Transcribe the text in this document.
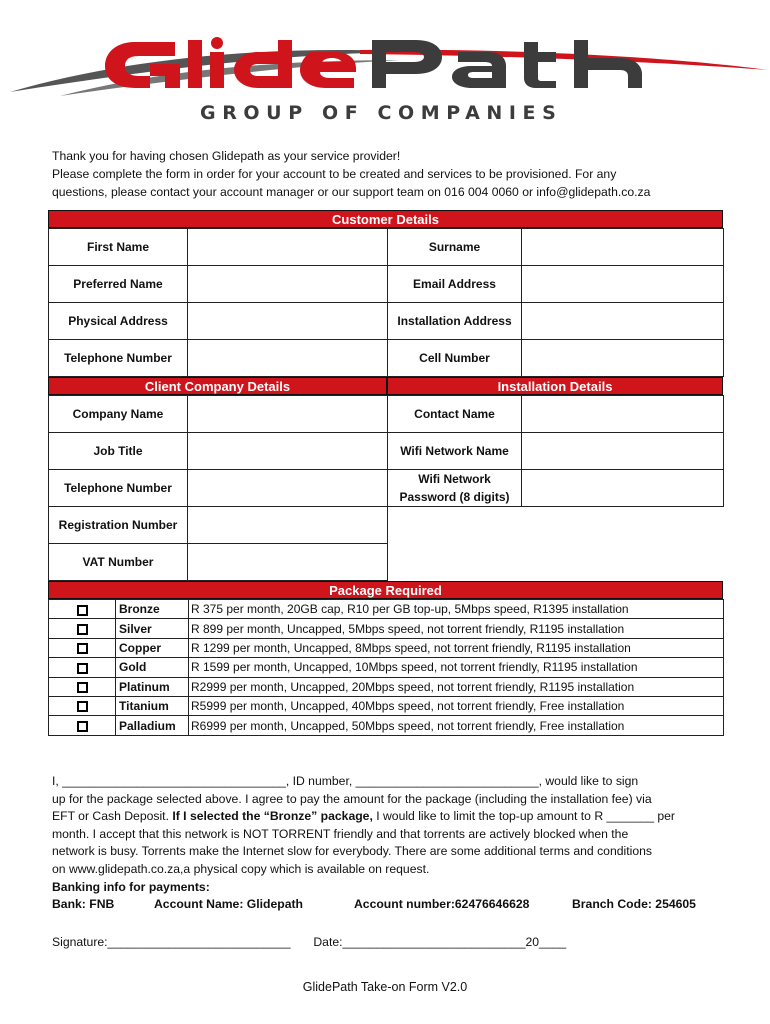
GROUP OF COMPANIES
Thank you for having chosen Glidepath as your service provider!
Please complete the form in order for your account to be created and services to be provisioned. For any
questions, please contact your account manager or our support team on 016 004 0060 or info@glidepath.co.za
Customer Details
First Name		Surname	
Preferred Name		Email Address	
Physical Address		Installation Address	
Telephone Number		Cell Number	
Client Company Details	Installation Details
Company Name		Contact Name	
Job Title		Wifi Network Name	
Telephone Number		Wifi Network Password (8 digits)	
Registration Number			
VAT Number			
Package Required
	Bronze	R 375 per month, 20GB cap, R10 per GB top-up, 5Mbps speed, R1395 installation
	Silver	R 899 per month, Uncapped, 5Mbps speed, not torrent friendly, R1195 installation
	Copper	R 1299 per month, Uncapped, 8Mbps speed, not torrent friendly, R1195 installation
	Gold	R 1599 per month, Uncapped, 10Mbps speed, not torrent friendly, R1195 installation
	Platinum	R2999 per month, Uncapped, 20Mbps speed, not torrent friendly, R1195 installation
	Titanium	R5999 per month, Uncapped, 40Mbps speed, not torrent friendly, Free installation
	Palladium	R6999 per month, Uncapped, 50Mbps speed, not torrent friendly, Free installation

I, _________________________________, ID number, ___________________________, would like to sign

up for the package selected above. I agree to pay the amount for the package (including the installation fee) via

EFT or Cash Deposit. If I selected the “Bronze” package, I would like to limit the top-up amount to R _______ per

month. I accept that this network is NOT TORRENT friendly and that torrents are actively blocked when the

network is busy. Torrents make the Internet slow for everybody. There are some additional terms and conditions

on www.glidepath.co.za,a physical copy which is available on request.

Banking info for payments:

Bank: FNB	Account Name: Glidepath	Account number:62476646628	Branch Code: 254605
Signature:___________________________ Date:___________________________20____
GlidePath Take-on Form V2.0
